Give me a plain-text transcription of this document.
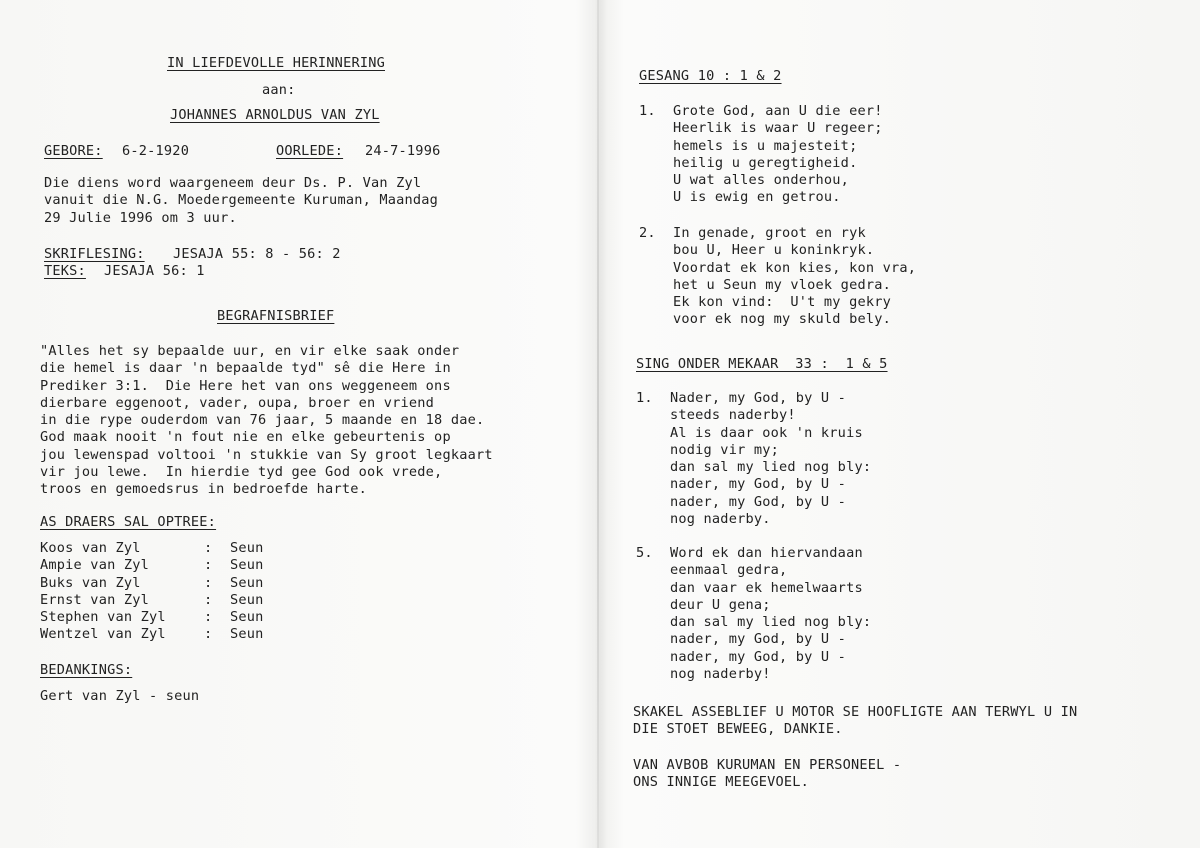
IN LIEFDEVOLLE HERINNERING
aan:
JOHANNES ARNOLDUS VAN ZYL
GEBORE: 6-2-1920	OORLEDE: 24-7-1996
Die diens word waargeneem deur Ds. P. Van Zyl
vanuit die N.G. Moedergemeente Kuruman, Maandag
29 Julie 1996 om 3 uur.
SKRIFLESING: JESAJA 55: 8 - 56: 2
TEKS: JESAJA 56: 1
BEGRAFNISBRIEF
"Alles het sy bepaalde uur, en vir elke saak onder
die hemel is daar 'n bepaalde tyd" sê die Here in
Prediker 3:1.  Die Here het van ons weggeneem ons
dierbare eggenoot, vader, oupa, broer en vriend
in die rype ouderdom van 76 jaar, 5 maande en 18 dae.
God maak nooit 'n fout nie en elke gebeurtenis op
jou lewenspad voltooi 'n stukkie van Sy groot legkaart
vir jou lewe.  In hierdie tyd gee God ook vrede,
troos en gemoedsrus in bedroefde harte.
AS DRAERS SAL OPTREE:
Koos van Zyl	: Seun
Ampie van Zyl	: Seun
Buks van Zyl	: Seun
Ernst van Zyl	: Seun
Stephen van Zyl	: Seun
Wentzel van Zyl	: Seun
BEDANKINGS:
Gert van Zyl - seun
GESANG 10 : 1 & 2
1. Grote God, aan U die eer!
Heerlik is waar U regeer;
hemels is u majesteit;
heilig u geregtigheid.
U wat alles onderhou,
U is ewig en getrou.
2. In genade, groot en ryk
bou U, Heer u koninkryk.
Voordat ek kon kies, kon vra,
het u Seun my vloek gedra.
Ek kon vind:  U't my gekry
voor ek nog my skuld bely.
SING ONDER MEKAAR  33 :  1 & 5
1. Nader, my God, by U -
steeds naderby!
Al is daar ook 'n kruis
nodig vir my;
dan sal my lied nog bly:
nader, my God, by U -
nader, my God, by U -
nog naderby.
5. Word ek dan hiervandaan
eenmaal gedra,
dan vaar ek hemelwaarts
deur U gena;
dan sal my lied nog bly:
nader, my God, by U -
nader, my God, by U -
nog naderby!
SKAKEL ASSEBLIEF U MOTOR SE HOOFLIGTE AAN TERWYL U IN
DIE STOET BEWEEG, DANKIE.
VAN AVBOB KURUMAN EN PERSONEEL -
ONS INNIGE MEEGEVOEL.
